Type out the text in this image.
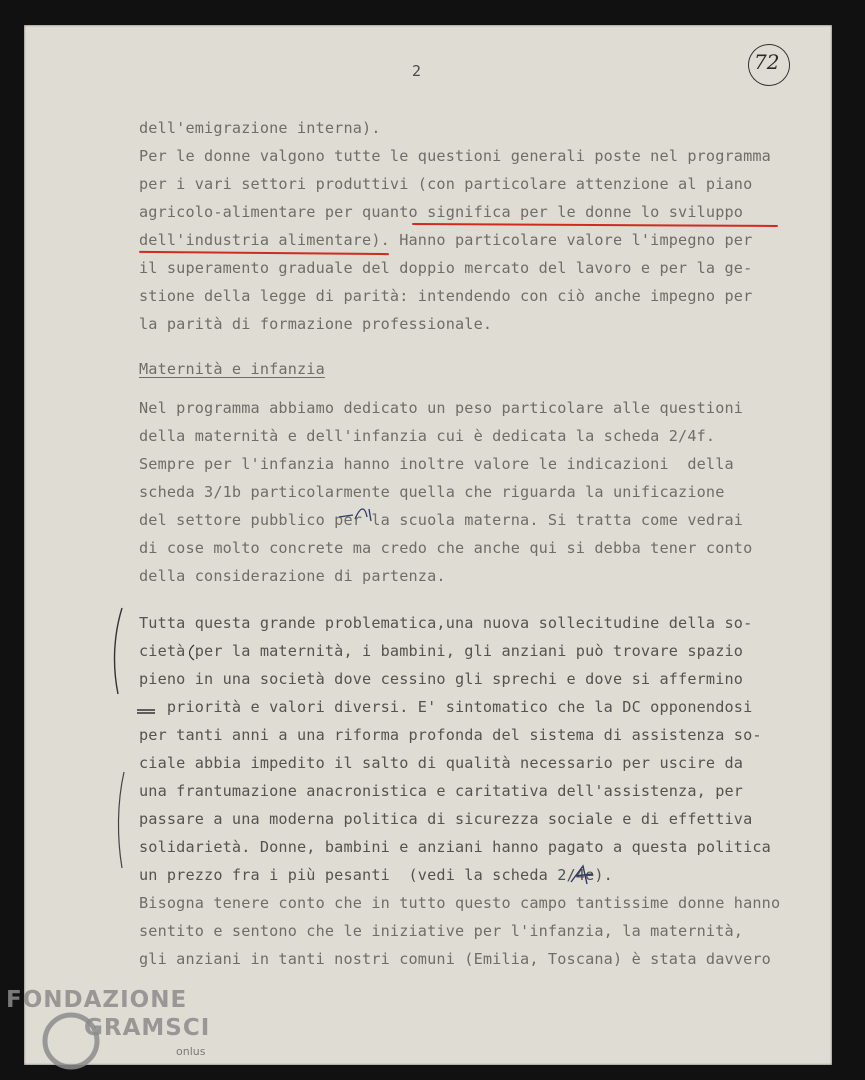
2	72
dell'emigrazione interna).
Per le donne valgono tutte le questioni generali poste nel programma
per i vari settori produttivi (con particolare attenzione al piano
agricolo-alimentare per quanto significa per le donne lo sviluppo
dell'industria alimentare). Hanno particolare valore l'impegno per
il superamento graduale del doppio mercato del lavoro e per la ge-
stione della legge di parità: intendendo con ciò anche impegno per
la parità di formazione professionale.
Maternità e infanzia
Nel programma abbiamo dedicato un peso particolare alle questioni
della maternità e dell'infanzia cui è dedicata la scheda 2/4f.
Sempre per l'infanzia hanno inoltre valore le indicazioni  della
scheda 3/1b particolarmente quella che riguarda la unificazione
del settore pubblico per la scuola materna. Si tratta come vedrai
di cose molto concrete ma credo che anche qui si debba tener conto
della considerazione di partenza.
Tutta questa grande problematica,una nuova sollecitudine della so-
cietà per la maternità, i bambini, gli anziani può trovare spazio
pieno in una società dove cessino gli sprechi e dove si affermino
priorità e valori diversi. E' sintomatico che la DC opponendosi
per tanti anni a una riforma profonda del sistema di assistenza so-
ciale abbia impedito il salto di qualità necessario per uscire da
una frantumazione anacronistica e caritativa dell'assistenza, per
passare a una moderna politica di sicurezza sociale e di effettiva
solidarietà. Donne, bambini e anziani hanno pagato a questa politica
un prezzo fra i più pesanti  (vedi la scheda 2/4e).
Bisogna tenere conto che in tutto questo campo tantissime donne hanno
sentito e sentono che le iniziative per l'infanzia, la maternità,
gli anziani in tanti nostri comuni (Emilia, Toscana) è stata davvero
FONDAZIONE
GRAMSCI
onlus
